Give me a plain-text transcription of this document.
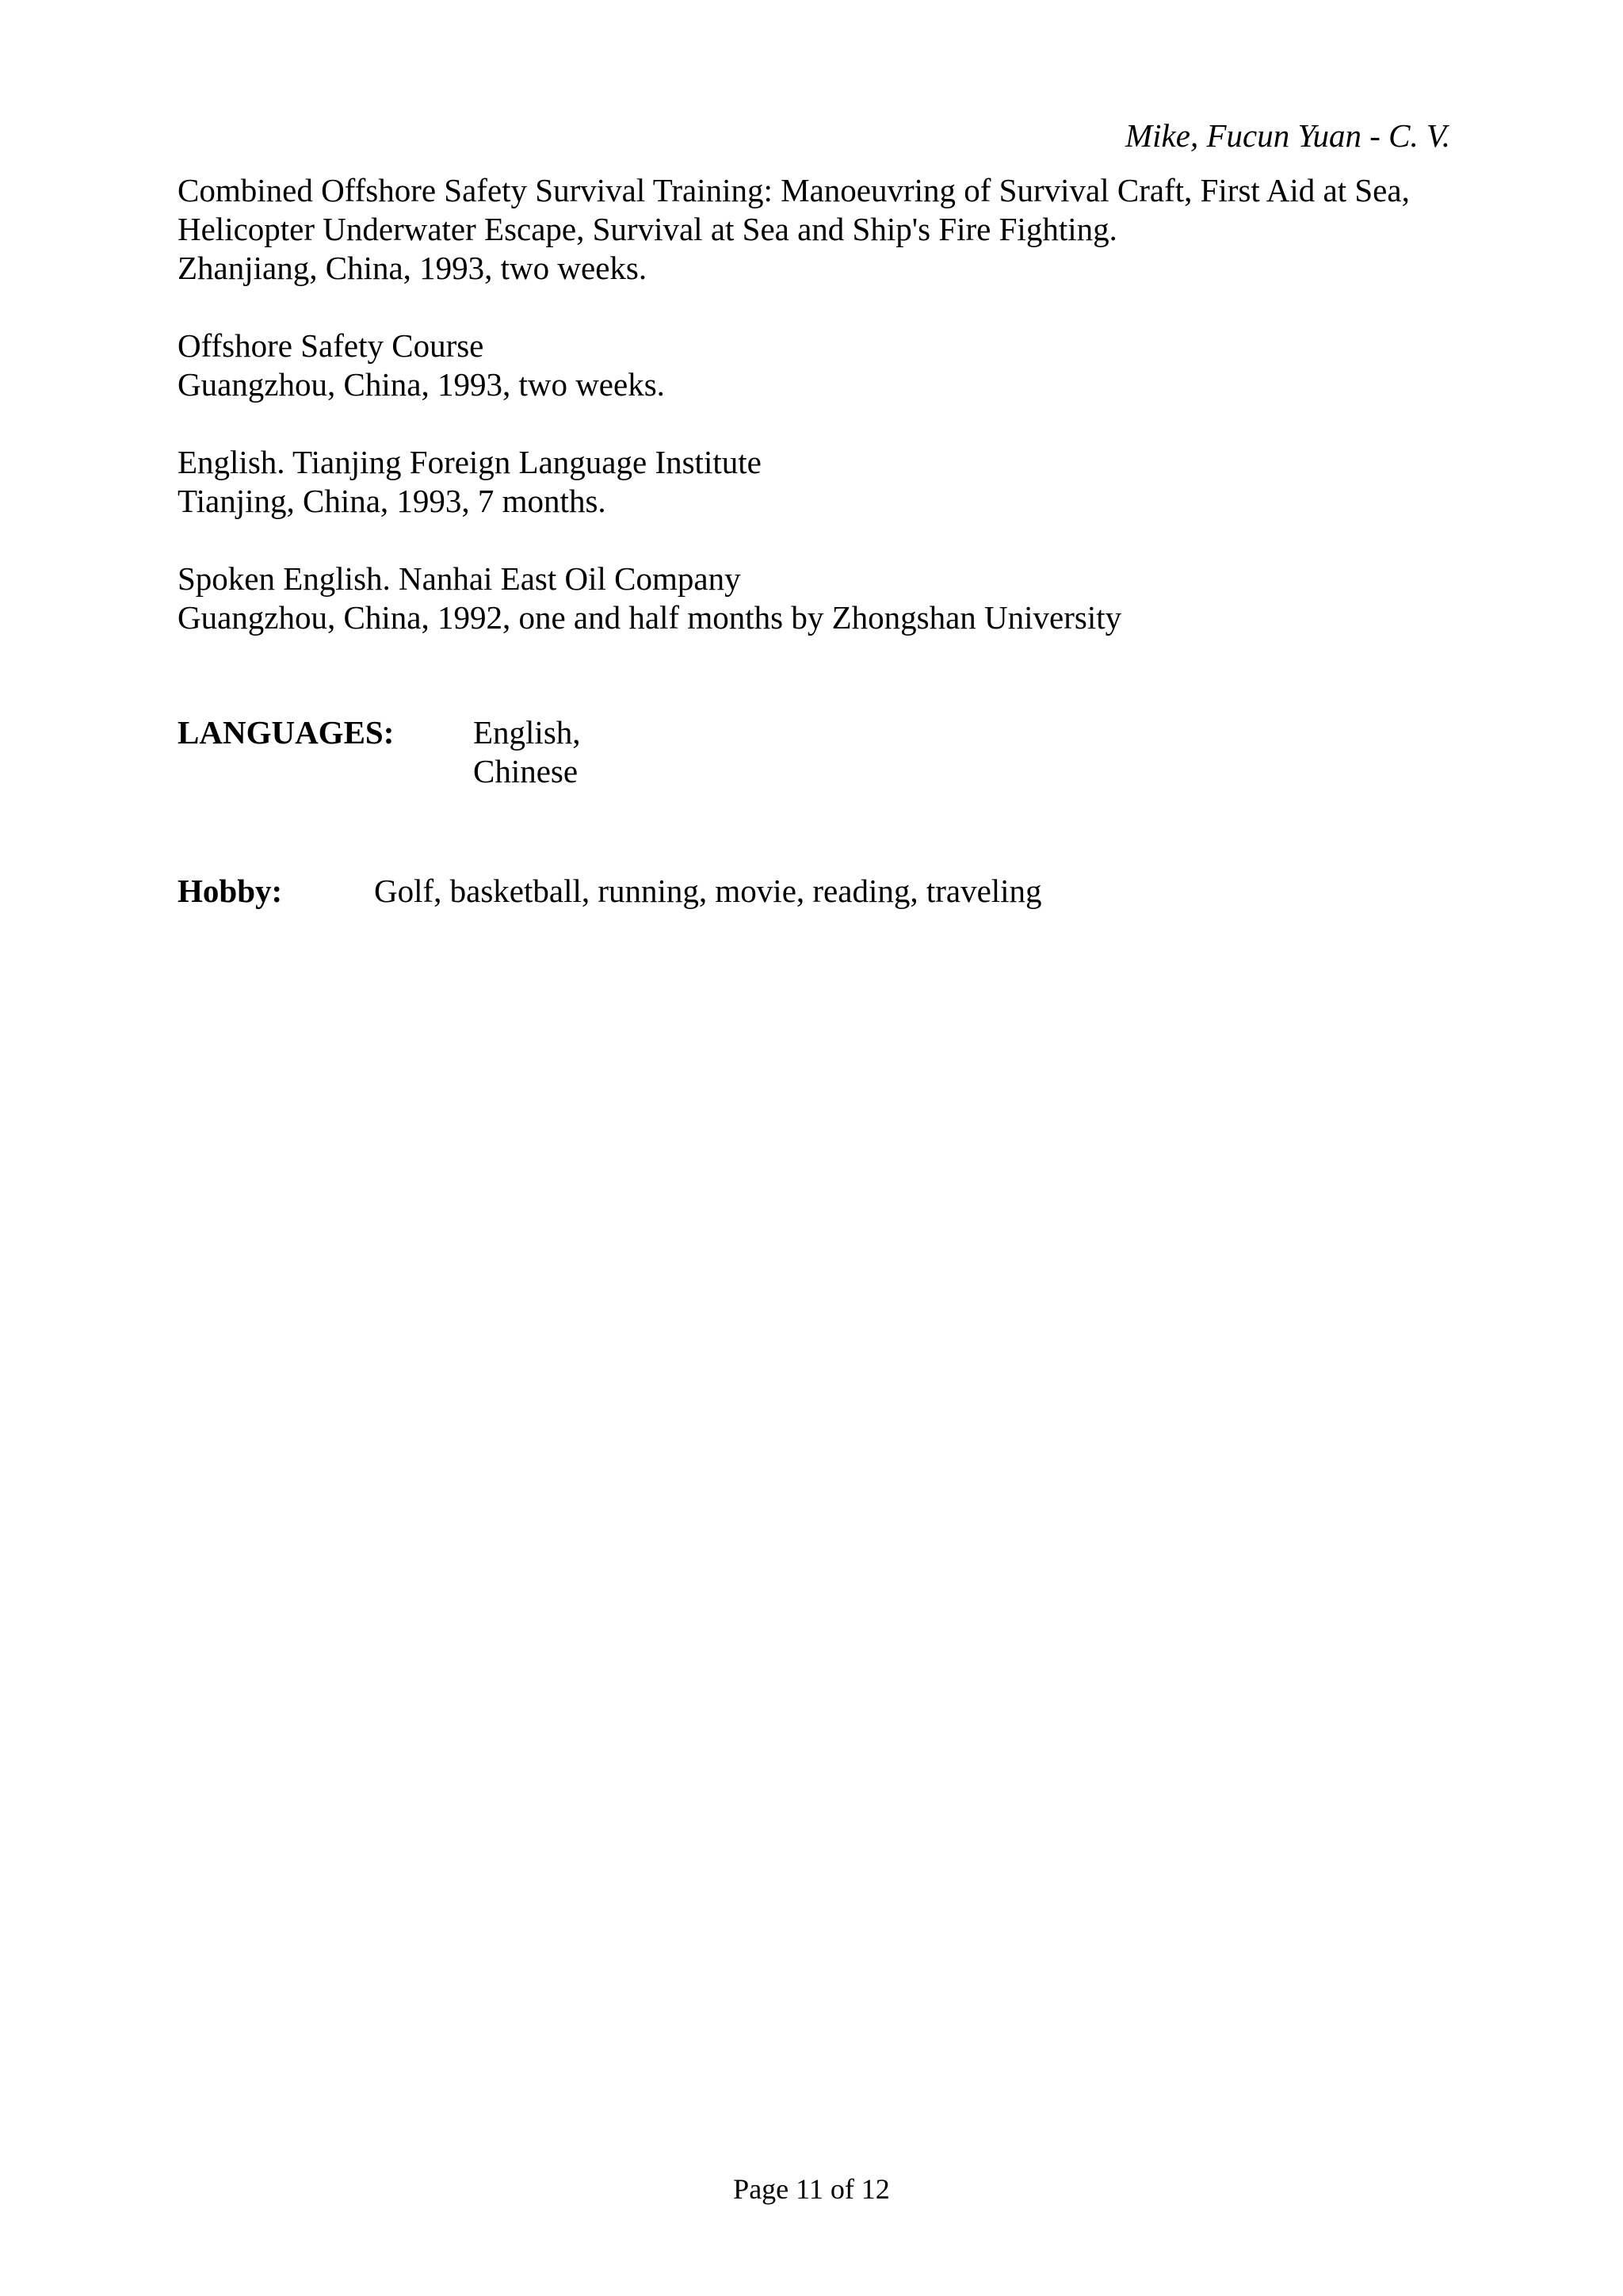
Mike, Fucun Yuan - C. V.
Combined Offshore Safety Survival Training: Manoeuvring of Survival Craft, First Aid at Sea,
Helicopter Underwater Escape, Survival at Sea and Ship's Fire Fighting.
Zhanjiang, China, 1993, two weeks.
Offshore Safety Course
Guangzhou, China, 1993, two weeks.
English. Tianjing Foreign Language Institute
Tianjing, China, 1993, 7 months.
Spoken English. Nanhai East Oil Company
Guangzhou, China, 1992, one and half months by Zhongshan University
LANGUAGES: English,
Chinese
Hobby:	Golf, basketball, running, movie, reading, traveling
Page 11 of 12
